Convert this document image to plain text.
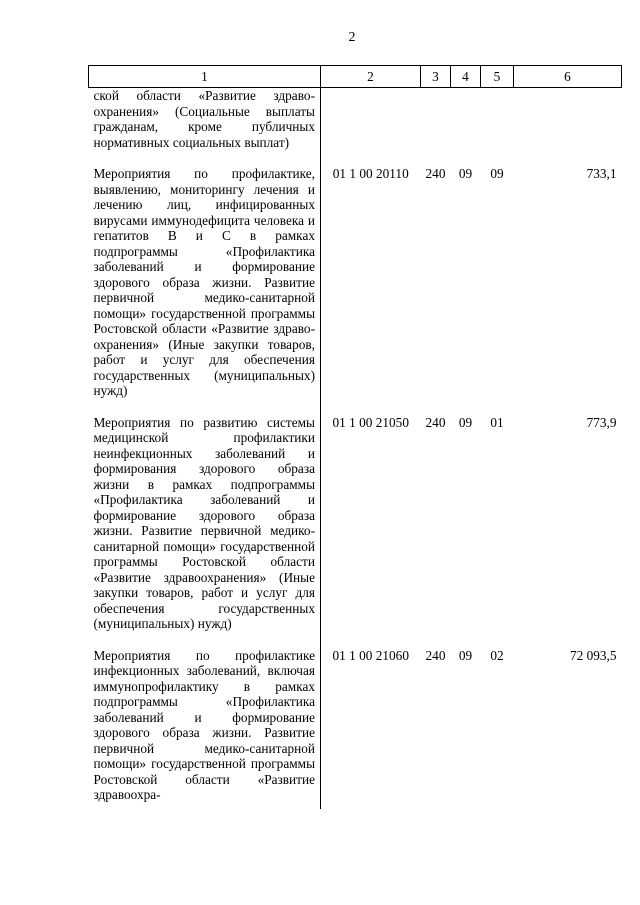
2
1	2	3	4	5	6
ской области «Развитие здравоохранения» (Социальные выплаты гражданам, кроме публичных нормативных социальных выплат)					
Мероприятия по профилактике, выявлению, мониторингу лечения и лечению лиц, инфицированных вирусами иммунодефицита человека и гепатитов В и С в рамках подпрограммы «Профилактика заболеваний и формирование здорового образа жизни. Развитие первичной медико-санитарной помощи» государственной программы Ростовской области «Развитие здравоохранения» (Иные закупки товаров, работ и услуг для обеспечения государственных (муниципальных) нужд)	01 1 00 20110	240	09	09	733,1
Мероприятия по развитию системы медицинской профилактики неинфекционных заболеваний и формирования здорового образа жизни в рамках подпрограммы «Профилактика заболеваний и формирование здорового образа жизни. Развитие первичной медико-санитарной помощи» государственной программы Ростовской области «Развитие здравоохранения» (Иные закупки товаров, работ и услуг для обеспечения государственных (муниципальных) нужд)	01 1 00 21050	240	09	01	773,9
Мероприятия по профилактике инфекционных заболеваний, включая иммунопрофилактику в рамках подпрограммы «Профилактика заболеваний и формирование здорового образа жизни. Развитие первичной медико-санитарной помощи» государственной программы Ростовской области «Развитие здравоохра-	01 1 00 21060	240	09	02	72 093,5
